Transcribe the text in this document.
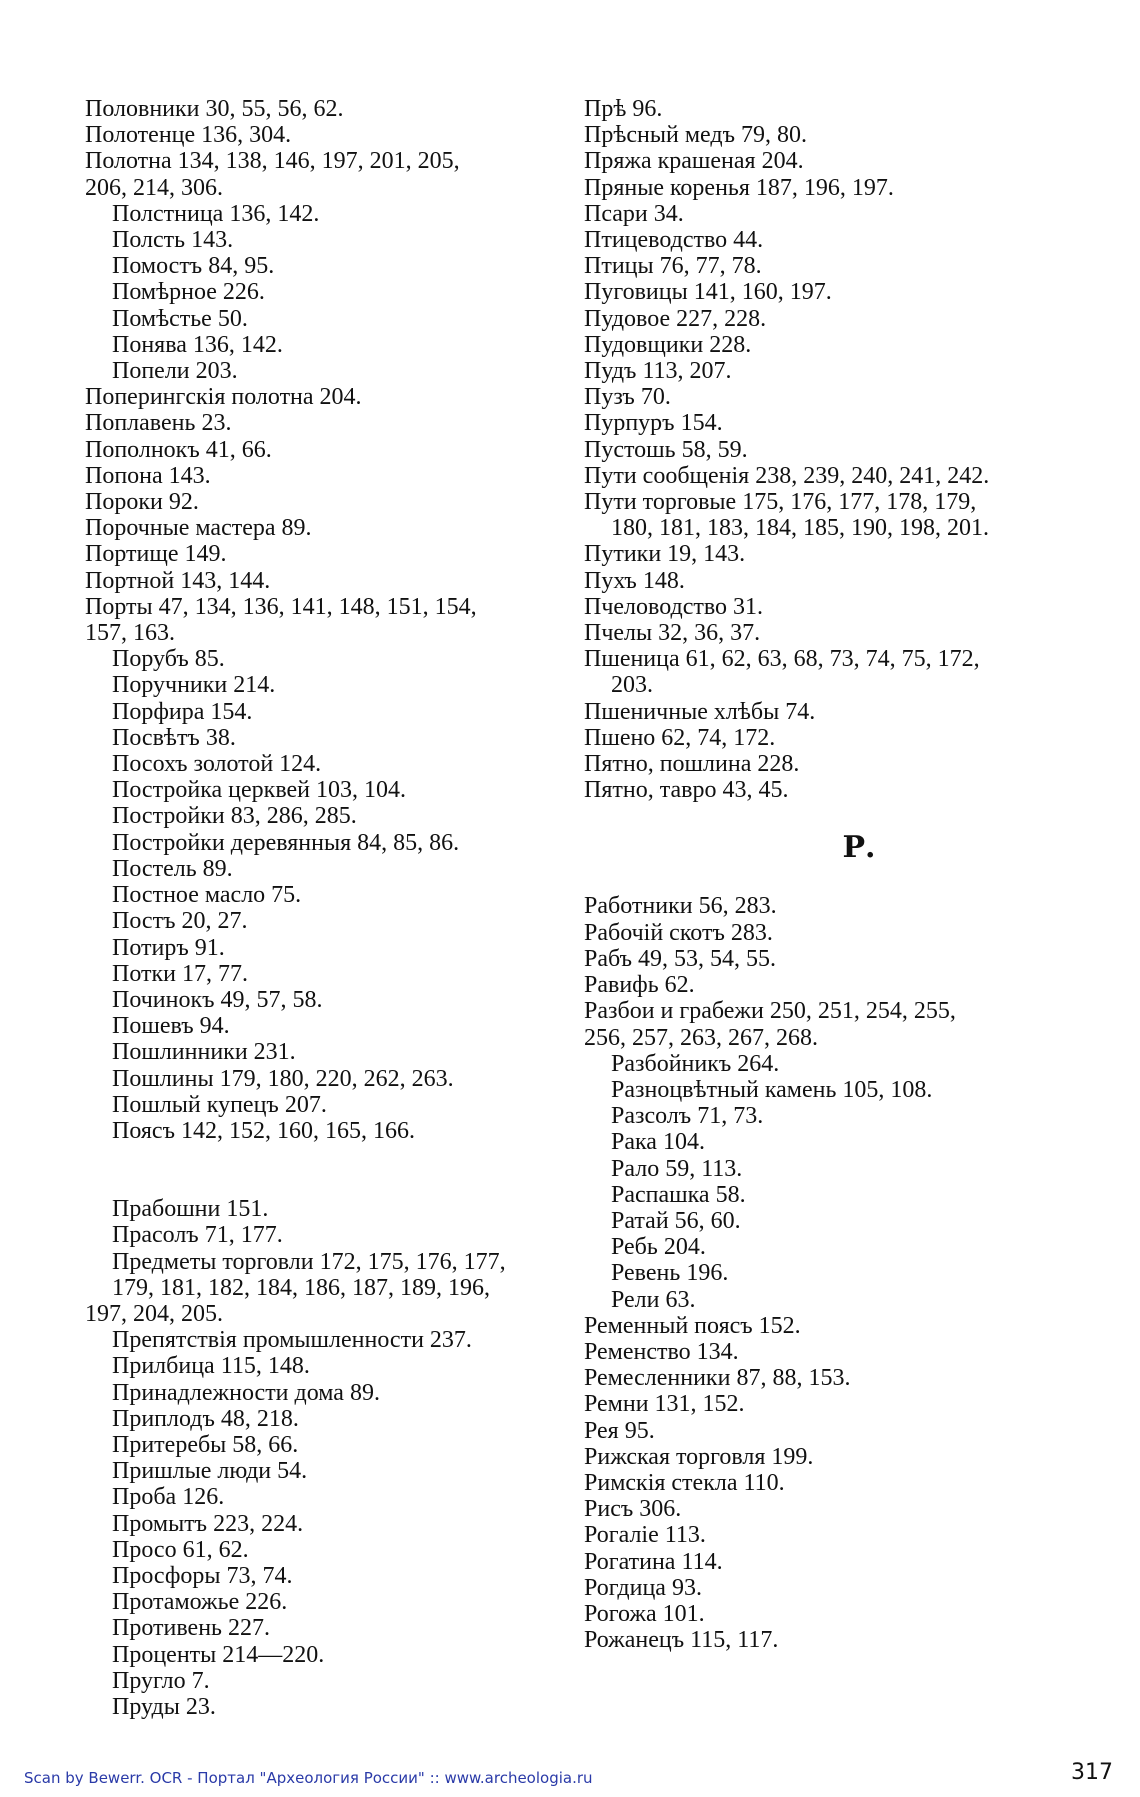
Половники 30, 55, 56, 62.
Полотенце 136, 304.
Полотна 134, 138, 146, 197, 201, 205,
206, 214, 306.
Полстница 136, 142.
Полсть 143.
Помостъ 84, 95.
Помѣрное 226.
Помѣстье 50.
Понява 136, 142.
Попели 203.
Поперингскія полотна 204.
Поплавень 23.
Пополнокъ 41, 66.
Попона 143.
Пороки 92.
Порочные мастера 89.
Портище 149.
Портной 143, 144.
Порты 47, 134, 136, 141, 148, 151, 154,
157, 163.
Порубъ 85.
Поручники 214.
Порфира 154.
Посвѣтъ 38.
Посохъ золотой 124.
Постройка церквей 103, 104.
Постройки 83, 286, 285.
Постройки деревянныя 84, 85, 86.
Постель 89.
Постное масло 75.
Постъ 20, 27.
Потиръ 91.
Потки 17, 77.
Починокъ 49, 57, 58.
Пошевъ 94.
Пошлинники 231.
Пошлины 179, 180, 220, 262, 263.
Пошлый купецъ 207.
Поясъ 142, 152, 160, 165, 166.
Прабошни 151.
Прасолъ 71, 177.
Предметы торговли 172, 175, 176, 177,
179, 181, 182, 184, 186, 187, 189, 196,
197, 204, 205.
Препятствія промышленности 237.
Прилбица 115, 148.
Принадлежности дома 89.
Приплодъ 48, 218.
Притеребы 58, 66.
Пришлые люди 54.
Проба 126.
Промытъ 223, 224.
Просо 61, 62.
Просфоры 73, 74.
Протаможье 226.
Противень 227.
Проценты 214—220.
Пругло 7.
Пруды 23.
Прѣ 96.
Прѣсный медъ 79, 80.
Пряжа крашеная 204.
Пряные коренья 187, 196, 197.
Псари 34.
Птицеводство 44.
Птицы 76, 77, 78.
Пуговицы 141, 160, 197.
Пудовое 227, 228.
Пудовщики 228.
Пудъ 113, 207.
Пузъ 70.
Пурпуръ 154.
Пустошь 58, 59.
Пути сообщенія 238, 239, 240, 241, 242.
Пути торговые 175, 176, 177, 178, 179,
180, 181, 183, 184, 185, 190, 198, 201.
Путики 19, 143.
Пухъ 148.
Пчеловодство 31.
Пчелы 32, 36, 37.
Пшеница 61, 62, 63, 68, 73, 74, 75, 172,
203.
Пшеничные хлѣбы 74.
Пшено 62, 74, 172.
Пятно, пошлина 228.
Пятно, тавро 43, 45.
Р.
Работники 56, 283.
Рабочій скотъ 283.
Рабъ 49, 53, 54, 55.
Равифь 62.
Разбои и грабежи 250, 251, 254, 255,
256, 257, 263, 267, 268.
Разбойникъ 264.
Разноцвѣтный камень 105, 108.
Разсолъ 71, 73.
Рака 104.
Рало 59, 113.
Распашка 58.
Ратай 56, 60.
Ребь 204.
Ревень 196.
Рели 63.
Ременный поясъ 152.
Ременство 134.
Ремесленники 87, 88, 153.
Ремни 131, 152.
Рея 95.
Рижская торговля 199.
Римскія стекла 110.
Рисъ 306.
Рогаліе 113.
Рогатина 114.
Рогдица 93.
Рогожа 101.
Рожанецъ 115, 117.
Scan by Bewerr. OCR - Портал "Археология России" :: www.archeologia.ru	317
